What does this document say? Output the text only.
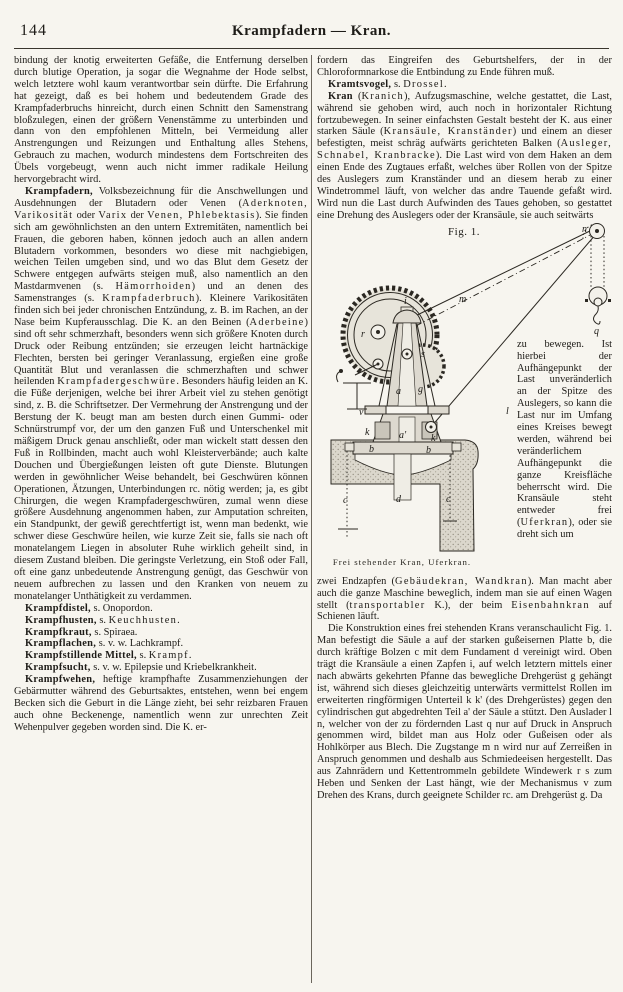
144	Krampfadern — Kran.

bindung der knotig erweiterten Gefäße, die Entfernung derselben durch blutige Operation, ja sogar die Wegnahme der Hode selbst, welch letztere wohl kaum verantwortbar sein dürfte. Die Erfahrung hat gezeigt, daß es bei hohem und bedeutendem Grade des Krampfaderbruchs hinreicht, durch einen Schnitt den Samenstrang bloßzulegen, einen der größern Venenstämme zu unterbinden und dann von den empfohlenen Mitteln, bei Vermeidung aller Anstrengungen und Reizungen und Enthaltung alles Stehens, Gebrauch zu machen, wodurch mindestens dem Fortschreiten des Übels vorgebeugt, wenn auch nicht immer radikale Heilung hervorgebracht wird.

Krampfadern, Volksbezeichnung für die Anschwellungen und Ausdehnungen der Blutadern oder Venen (Aderknoten, Varikosität oder Varix der Venen, Phlebektasis). Sie finden sich am gewöhnlichsten an den untern Extremitäten, namentlich bei Frauen, die geboren haben, können jedoch auch an allen andern Blutadern vorkommen, besonders wo diese mit nachgiebigen, weichen Teilen umgeben sind, und wo das Blut dem Gesetz der Schwere entgegen aufwärts steigen muß, also namentlich an den Mastdarmvenen (s. Hämorrhoiden) und an denen des Samenstranges (s. Krampfaderbruch). Kleinere Varikositäten finden sich bei jeder chronischen Entzündung, z. B. im Rachen, an der Nase beim Kupferausschlag. Die K. an den Beinen (Aderbeine) sind oft sehr schmerzhaft, besonders wenn sich größere Knoten durch Druck oder Reibung entzünden; sie erzeugen leicht hartnäckige Flechten, bersten bei geringer Veranlassung, ergießen eine große Quantität Blut und veranlassen die schmerzhaften und schwer heilenden Krampfadergeschwüre. Besonders häufig leiden an K. die Füße derjenigen, welche bei ihrer Arbeit viel zu stehen genötigt sind, z. B. die Schriftsetzer. Der Vermehrung der Anstrengung und der Berstung der K. beugt man am besten durch einen Gummi- oder Schnürstrumpf vor, der um den ganzen Fuß und Unterschenkel mit mäßigem Druck genau anschließt, oder man wickelt statt dessen den Fuß in Rollbinden, macht auch wohl Kleisterverbände; auch kalte Douchen und Übergießungen leisten oft gute Dienste. Blutungen werden in gewöhnlicher Weise behandelt, bei Geschwüren können Operationen, Ätzungen, Unterbindungen rc. nötig werden; ja, es gibt Chirurgen, die wegen Krampfadergeschwüren, zumal wenn diese größere Ausdehnung angenommen haben, zur Amputation schreiten, ein Standpunkt, der gewiß gerechtfertigt ist, wenn man bedenkt, wie schwer diese Geschwüre heilen, wie kurze Zeit sie, falls sie nach oft monatelangem Liegen in absoluter Ruhe wirklich geheilt sind, in diesem Zustand bleiben. Die geringste Verletzung, ein Stoß oder Fall, oft eine ganz unbedeutende Anstrengung genügt, das Geschwür von neuem aufbrechen zu lassen und den Kranken von neuem zu monatelanger Unthätigkeit zu verdammen.

Krampfdistel, s. Onopordon.

Krampfhusten, s. Keuchhusten.

Krampfkraut, s. Spiraea.

Krampflachen, s. v. w. Lachkrampf.

Krampfstillende Mittel, s. Krampf.

Krampfsucht, s. v. w. Epilepsie und Kriebelkrankheit.

Krampfwehen, heftige krampfhafte Zusammenziehungen der Gebärmutter während des Geburtsaktes, entstehen, wenn bei engem Becken sich die Geburt in die Länge zieht, bei sehr reizbaren Frauen auch ohne Beckenenge, namentlich wenn zur unrechten Zeit Wehenpulver gegeben worden sind. Die K. er-

fordern das Eingreifen des Geburtshelfers, der in der Chloroformnarkose die Entbindung zu Ende führen muß.

Kramtsvogel, s. Drossel.

Kran (Kranich), Aufzugsmaschine, welche gestattet, die Last, während sie gehoben wird, auch noch in horizontaler Richtung fortzubewegen. In seiner einfachsten Gestalt besteht der K. aus einer starken Säule (Kransäule, Kranständer) und einem an dieser befestigten, meist schräg aufwärts gerichteten Balken (Ausleger, Schnabel, Kranbracke). Die Last wird von dem Haken an dem einen Ende des Zugtaues erfaßt, welches über Rollen von der Spitze des Auslegers zum Kranständer und an diesem herab zu einer Windetrommel läuft, von welcher das andre Tauende gefaßt wird. Wird nun die Last durch Aufwinden des Taues gehoben, so gestattet eine Drehung des Auslegers oder der Kransäule, sie auch seitwärts

n
q
m
l
i
r
s
a g
v
k	a' k'
b	b
c	c
d
Fig. 1.

zu bewegen. Ist hierbei der Aufhängepunkt der Last unveränderlich an der Spitze des Auslegers, so kann die Last nur im Umfang eines Kreises bewegt werden, während bei veränderlichem Aufhängepunkt die ganze Kreisfläche beherrscht wird. Die Kransäule steht entweder frei (Uferkran), oder sie dreht sich um

Frei stehender Kran, Uferkran.

zwei Endzapfen (Gebäudekran, Wandkran). Man macht aber auch die ganze Maschine beweglich, indem man sie auf einen Wagen stellt (transportabler K.), der beim Eisenbahnkran auf Schienen läuft.

Die Konstruktion eines frei stehenden Krans veranschaulicht Fig. 1. Man befestigt die Säule a auf der starken gußeisernen Platte b, die durch kräftige Bolzen c mit dem Fundament d vereinigt wird. Oben trägt die Kransäule a einen Zapfen i, auf welch letztern mittels einer nach abwärts gekehrten Pfanne das bewegliche Drehgerüst g gehängt ist, während sich dieses gleichzeitig unterwärts vermittelst Rollen im erweiterten ringförmigen Unterteil k k' (des Drehgerüstes) gegen den cylindrischen gut abgedrehten Teil a' der Säule a stützt. Den Auslader l n, welcher von der zu fördernden Last q nur auf Druck in Anspruch genommen wird, bildet man aus Holz oder Gußeisen oder als Hohlkörper aus Blech. Die Zugstange m n wird nur auf Zerreißen in Anspruch genommen und deshalb aus Schmiedeeisen hergestellt. Das aus Zahnrädern und Kettentrommeln gebildete Windewerk r s zum Heben und Senken der Last hängt, wie der Mechanismus v zum Drehen des Krans, durch geeignete Schilder rc. am Drehgerüst g. Da
